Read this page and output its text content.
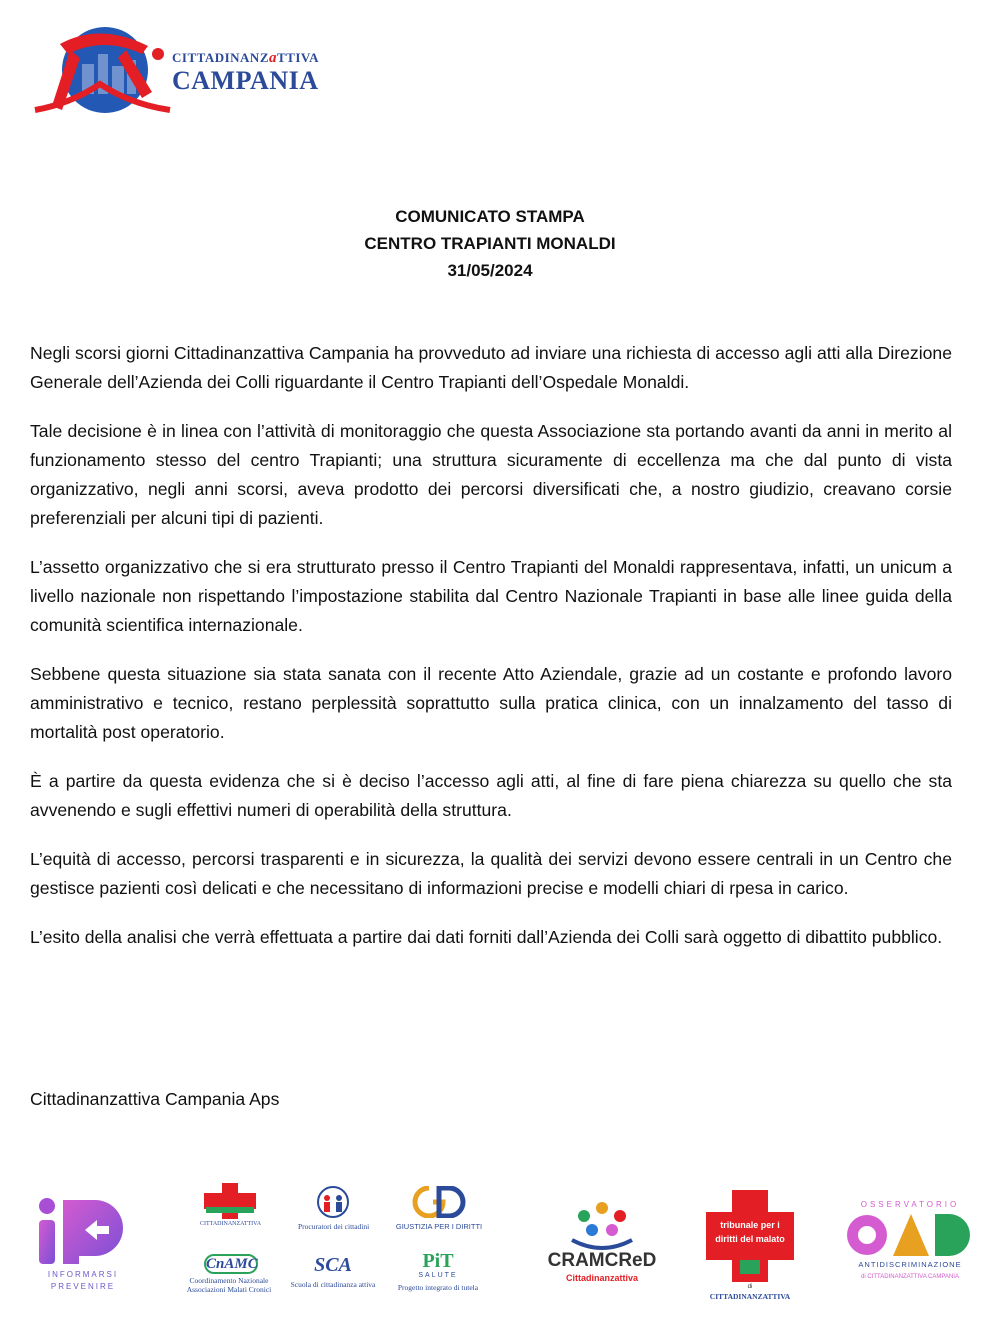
CITTADINANZaTTIVA
CAMPANIA
COMUNICATO STAMPA
CENTRO TRAPIANTI MONALDI
31/05/2024

Negli scorsi giorni Cittadinanzattiva Campania ha provveduto ad inviare una richiesta di accesso agli atti alla Direzione Generale dell’Azienda dei Colli riguardante il Centro Trapianti dell’Ospedale Monaldi.

Tale decisione è in linea con l’attività di monitoraggio che questa Associazione sta portando avanti da anni in merito al funzionamento stesso del centro Trapianti; una struttura sicuramente di eccellenza ma che dal punto di vista organizzativo, negli anni scorsi, aveva prodotto dei percorsi diversificati che, a nostro giudizio, creavano corsie preferenziali per alcuni tipi di pazienti.

L’assetto organizzativo che si era strutturato presso il Centro Trapianti del Monaldi rappresentava, infatti, un unicum a livello nazionale non rispettando l’impostazione stabilita dal Centro Nazionale Trapianti in base alle linee guida della comunità scientifica internazionale.

Sebbene questa situazione sia stata sanata con il recente Atto Aziendale, grazie ad un costante e profondo lavoro amministrativo e tecnico, restano perplessità soprattutto sulla pratica clinica, con un innalzamento del tasso di mortalità post operatorio.

È a partire da questa evidenza che si è deciso l’accesso agli atti, al fine di fare piena chiarezza su quello che sta avvenendo e sugli effettivi numeri di operabilità della struttura.

L’equità di accesso, percorsi trasparenti e in sicurezza, la qualità dei servizi devono essere centrali in un Centro che gestisce pazienti così delicati e che necessitano di informazioni precise e modelli chiari di rpesa in carico.

L’esito della analisi che verrà effettuata a partire dai dati forniti dall’Azienda dei Colli sarà oggetto di dibattito pubblico.

Cittadinanzattiva Campania Aps
INFORMARSI
PREVENIRE
CITTADINANZATTIVA	Procuratori dei cittadini	GIUSTIZIA PER I DIRITTI
CnAMC
Coordinamento Nazionale
Associazioni Malati Cronici
SCA
Scuola di cittadinanza attiva
PiT
SALUTE
Progetto integrato di tutela
CRAMCReD
Cittadinanzattiva
tribunale per i
diritti del malato
di
CITTADINANZATTIVA
OSSERVATORIO
ANTIDISCRIMINAZIONE
di CITTADINANZATTIVA CAMPANIA
